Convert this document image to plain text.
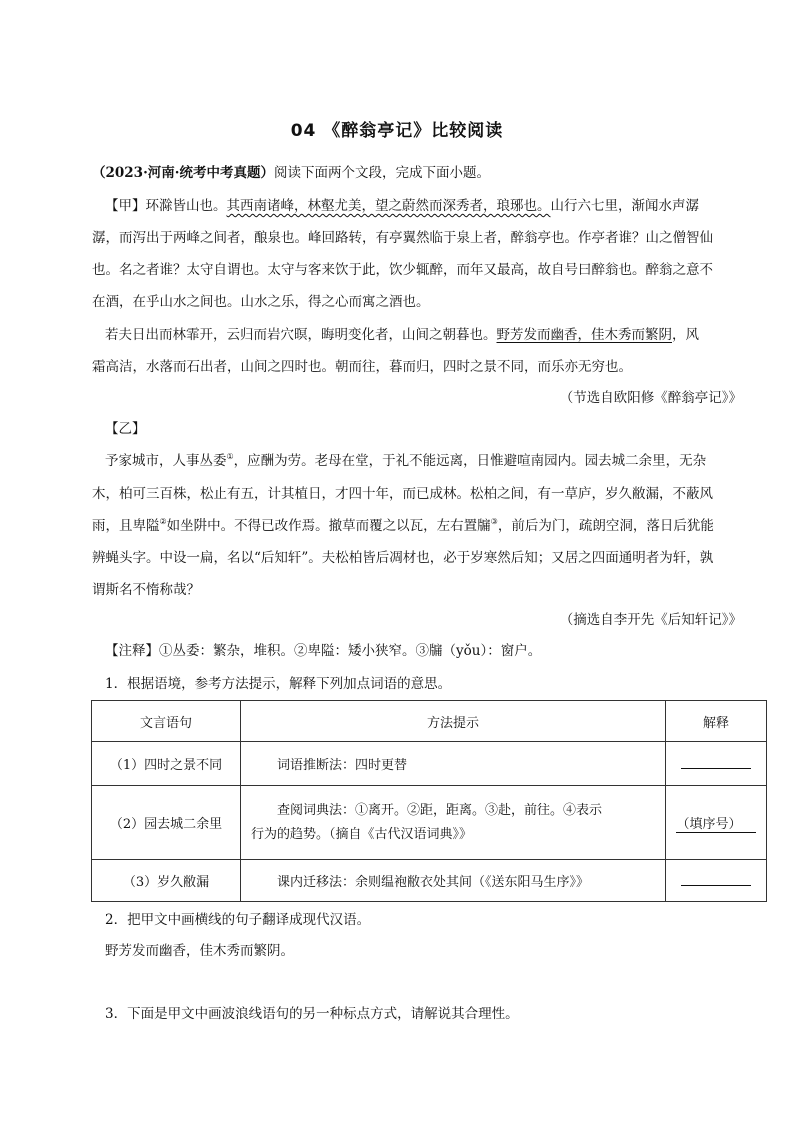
04 《醉翁亭记》比较阅读
（2023·河南·统考中考真题）阅读下面两个文段，完成下面小题。
【甲】环滁皆山也。其西南诸峰，林壑尤美，望之蔚然而深秀者，琅琊也。山行六七里，渐闻水声潺
潺，而泻出于两峰之间者，酿泉也。峰回路转，有亭翼然临于泉上者，醉翁亭也。作亭者谁？山之僧智仙
也。名之者谁？太守自谓也。太守与客来饮于此，饮少辄醉，而年又最高，故自号曰醉翁也。醉翁之意不
在酒，在乎山水之间也。山水之乐，得之心而寓之酒也。
若夫日出而林霏开，云归而岩穴暝，晦明变化者，山间之朝暮也。野芳发而幽香，佳木秀而繁阴，风
霜高洁，水落而石出者，山间之四时也。朝而往，暮而归，四时之景不同，而乐亦无穷也。
（节选自欧阳修《醉翁亭记》》
【乙】
予家城市，人事丛委①，应酬为劳。老母在堂，于礼不能远离，日惟避喧南园内。园去城二余里，无杂
木，柏可三百株，松止有五，计其植日，才四十年，而已成林。松柏之间，有一草庐，岁久敝漏，不蔽风
雨，且卑隘②如坐阱中。不得已改作焉。撤草而覆之以瓦，左右置牖③，前后为门，疏朗空洞，落日后犹能
辨蝇头字。中设一扁，名以“后知轩”。夫松柏皆后凋材也，必于岁寒然后知；又居之四面通明者为轩，孰
谓斯名不惰称哉？
（摘选自李开先《后知轩记》》
【注释】①丛委：繁杂，堆积。②卑隘：矮小狭窄。③牖（yǒu）：窗户。
1．根据语境，参考方法提示，解释下列加点词语的意思。
文言语句	方法提示	解释
（1）四时之景不同	词语推断法：四时更替	
（2）园去城二余里	查阅词典法：①离开。②距，距离。③赴，前往。④表示
行为的趋势。（摘自《古代汉语词典》》	（填序号）
（3）岁久敝漏	课内迁移法：余则缊袍敝衣处其间（《送东阳马生序》》	
2．把甲文中画横线的句子翻译成现代汉语。
野芳发而幽香，佳木秀而繁阴。
3．下面是甲文中画波浪线语句的另一种标点方式，请解说其合理性。
